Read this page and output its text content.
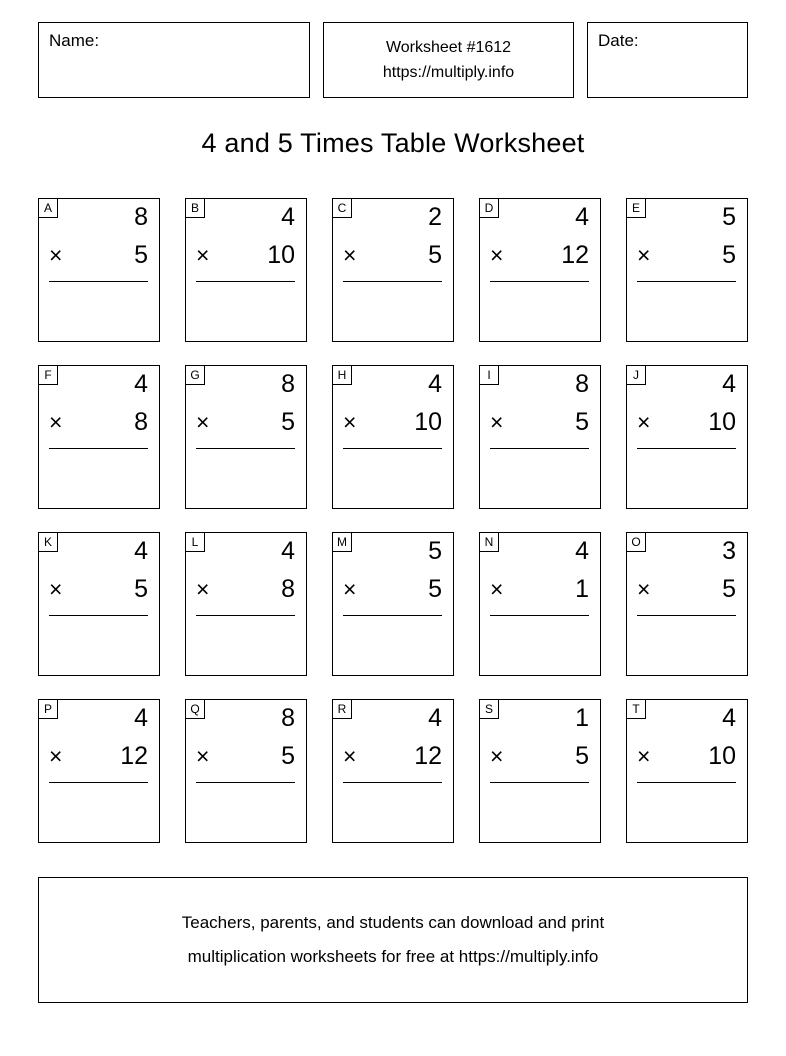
Name:	Worksheet #1612
https://multiply.info
Date:
4 and 5 Times Table Worksheet
A	8
×	5
B	4
× 10
C	2
×	5
D	4
× 12
E	5
×	5
F	4
×	8
G	8
×	5
H	4
× 10
I	8
×	5
J	4
× 10
K	4
×	5
L	4
×	8
M	5
×	5
N	4
×	1
O	3
×	5
P	4
× 12
Q	8
×	5
R	4
× 12
S	1
×	5
T	4
× 10
Teachers, parents, and students can download and print
multiplication worksheets for free at https://multiply.info
